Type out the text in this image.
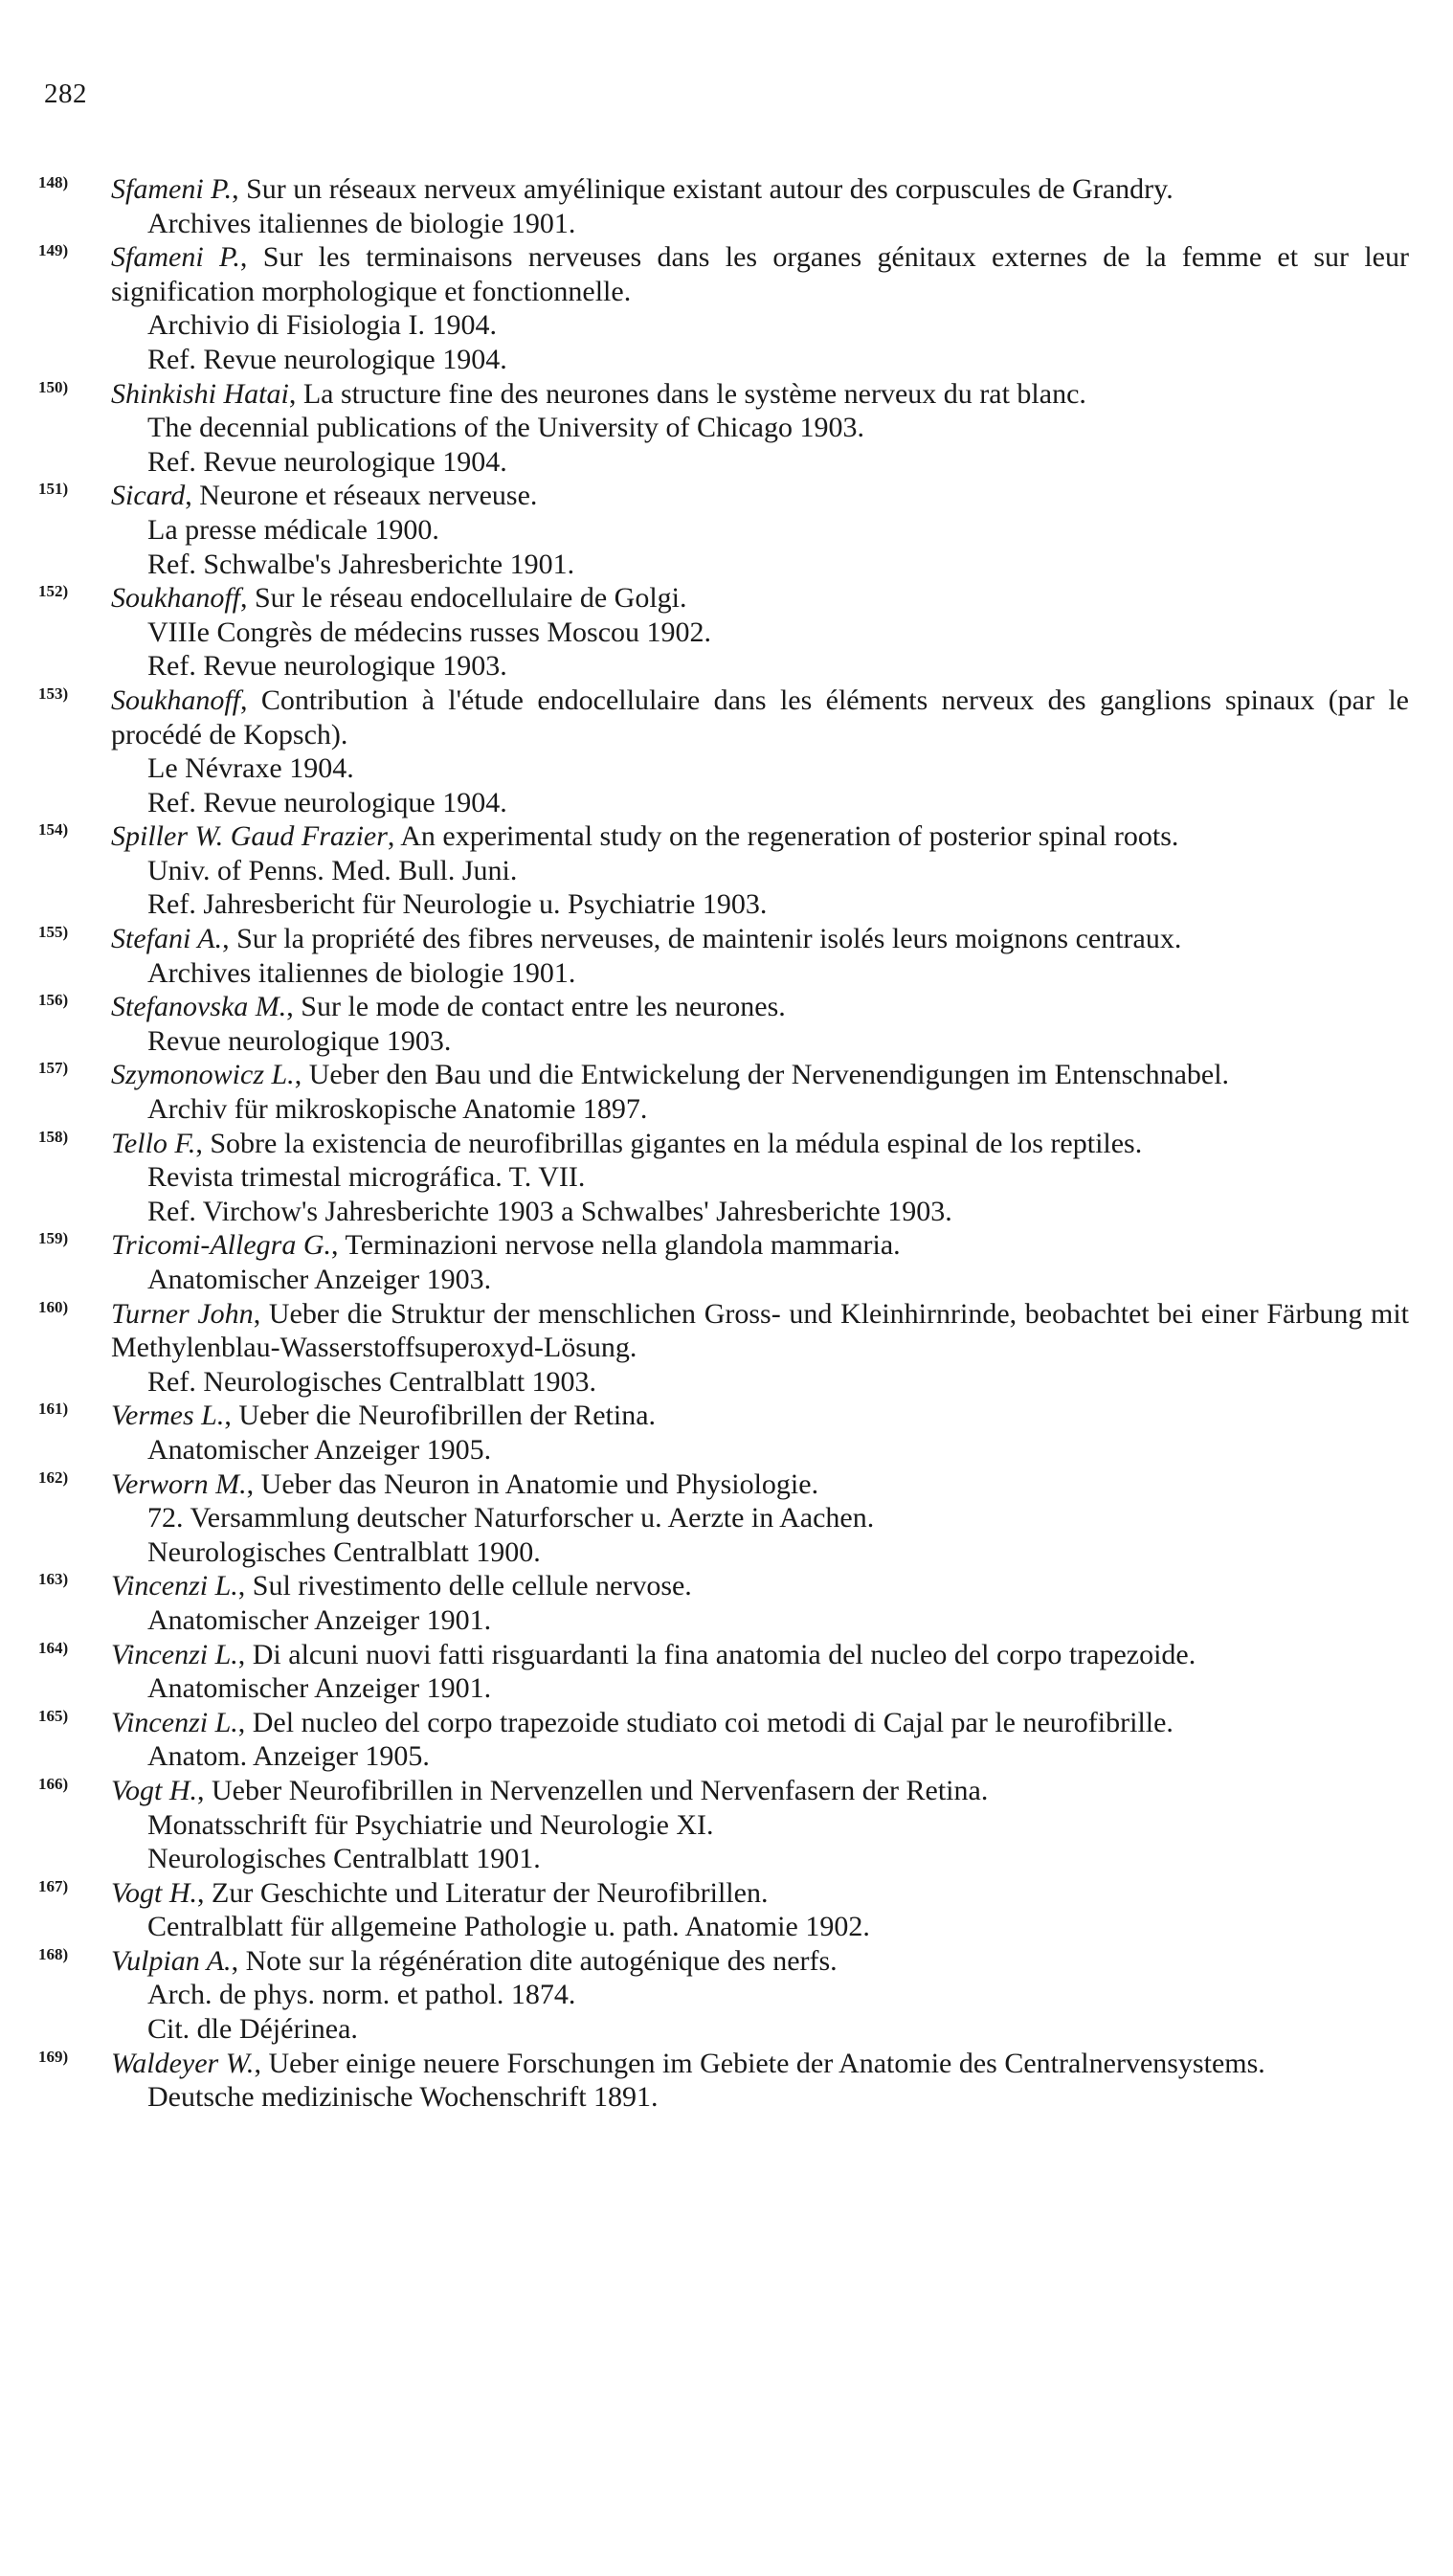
282
148) Sfameni P., Sur un réseaux nerveux amyélinique existant autour des corpuscules de Grandry.
Archives italiennes de biologie 1901.
149) Sfameni P., Sur les terminaisons nerveuses dans les organes génitaux externes de la femme et sur leur signification morphologique et fonctionnelle.
Archivio di Fisiologia I. 1904.
Ref. Revue neurologique 1904.
150) Shinkishi Hatai, La structure fine des neurones dans le système nerveux du rat blanc.
The decennial publications of the University of Chicago 1903.
Ref. Revue neurologique 1904.
151) Sicard, Neurone et réseaux nerveuse.
La presse médicale 1900.
Ref. Schwalbe's Jahresberichte 1901.
152) Soukhanoff, Sur le réseau endocellulaire de Golgi.
VIIIe Congrès de médecins russes Moscou 1902.
Ref. Revue neurologique 1903.
153) Soukhanoff, Contribution à l'étude endocellulaire dans les éléments nerveux des ganglions spinaux (par le procédé de Kopsch).
Le Névraxe 1904.
Ref. Revue neurologique 1904.
154) Spiller W. Gaud Frazier, An experimental study on the regeneration of posterior spinal roots.
Univ. of Penns. Med. Bull. Juni.
Ref. Jahresbericht für Neurologie u. Psychiatrie 1903.
155) Stefani A., Sur la propriété des fibres nerveuses, de maintenir isolés leurs moignons centraux.
Archives italiennes de biologie 1901.
156) Stefanovska M., Sur le mode de contact entre les neurones.
Revue neurologique 1903.
157) Szymonowicz L., Ueber den Bau und die Entwickelung der Nervenendigungen im Entenschnabel.
Archiv für mikroskopische Anatomie 1897.
158) Tello F., Sobre la existencia de neurofibrillas gigantes en la médula espinal de los reptiles.
Revista trimestal micrográfica. T. VII.
Ref. Virchow's Jahresberichte 1903 a Schwalbes' Jahresberichte 1903.
159) Tricomi-Allegra G., Terminazioni nervose nella glandola mammaria.
Anatomischer Anzeiger 1903.
160) Turner John, Ueber die Struktur der menschlichen Gross- und Kleinhirnrinde, beobachtet bei einer Färbung mit Methylenblau-Wasserstoffsuperoxyd-Lösung.
Ref. Neurologisches Centralblatt 1903.
161) Vermes L., Ueber die Neurofibrillen der Retina.
Anatomischer Anzeiger 1905.
162) Verworn M., Ueber das Neuron in Anatomie und Physiologie.
72. Versammlung deutscher Naturforscher u. Aerzte in Aachen.
Neurologisches Centralblatt 1900.
163) Vincenzi L., Sul rivestimento delle cellule nervose.
Anatomischer Anzeiger 1901.
164) Vincenzi L., Di alcuni nuovi fatti risguardanti la fina anatomia del nucleo del corpo trapezoide.
Anatomischer Anzeiger 1901.
165) Vincenzi L., Del nucleo del corpo trapezoide studiato coi metodi di Cajal par le neurofibrille.
Anatom. Anzeiger 1905.
166) Vogt H., Ueber Neurofibrillen in Nervenzellen und Nervenfasern der Retina.
Monatsschrift für Psychiatrie und Neurologie XI.
Neurologisches Centralblatt 1901.
167) Vogt H., Zur Geschichte und Literatur der Neurofibrillen.
Centralblatt für allgemeine Pathologie u. path. Anatomie 1902.
168) Vulpian A., Note sur la régénération dite autogénique des nerfs.
Arch. de phys. norm. et pathol. 1874.
Cit. dle Déjérinea.
169) Waldeyer W., Ueber einige neuere Forschungen im Gebiete der Anatomie des Centralnervensystems.
Deutsche medizinische Wochenschrift 1891.
